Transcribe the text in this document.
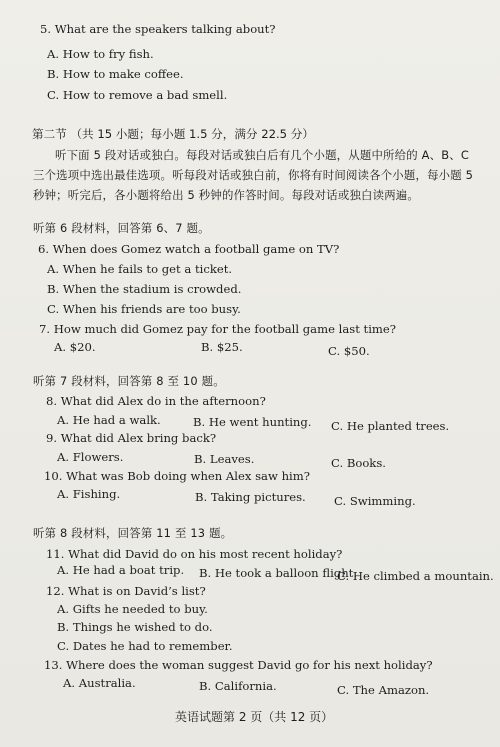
5. What are the speakers talking about?
A. How to fry fish.
B. How to make coffee.
C. How to remove a bad smell.
第二节 （共 15 小题；每小题 1.5 分，满分 22.5 分）
听下面 5 段对话或独白。每段对话或独白后有几个小题，从题中所给的 A、B、C
三个选项中选出最佳选项。听每段对话或独白前，你将有时间阅读各个小题，每小题 5
秒钟；听完后，各小题将给出 5 秒钟的作答时间。每段对话或独白读两遍。
听第 6 段材料，回答第 6、7 题。
6. When does Gomez watch a football game on TV?
A. When he fails to get a ticket.
B. When the stadium is crowded.
C. When his friends are too busy.
7. How much did Gomez pay for the football game last time?
A. $20.	B. $25.	C. $50.
听第 7 段材料，回答第 8 至 10 题。
8. What did Alex do in the afternoon?
A. He had a walk.	B. He went hunting. C. He planted trees.
9. What did Alex bring back?
A. Flowers.	B. Leaves.	C. Books.
10. What was Bob doing when Alex saw him?
A. Fishing.	B. Taking pictures. C. Swimming.
听第 8 段材料，回答第 11 至 13 题。
11. What did David do on his most recent holiday?
A. He had a boat trip. B. He took a balloon flight.
C. He climbed a mountain.
12. What is on David’s list?
A. Gifts he needed to buy.
B. Things he wished to do.
C. Dates he had to remember.
13. Where does the woman suggest David go for his next holiday?
A. Australia.	B. California.	C. The Amazon.
英语试题第 2 页（共 12 页）
